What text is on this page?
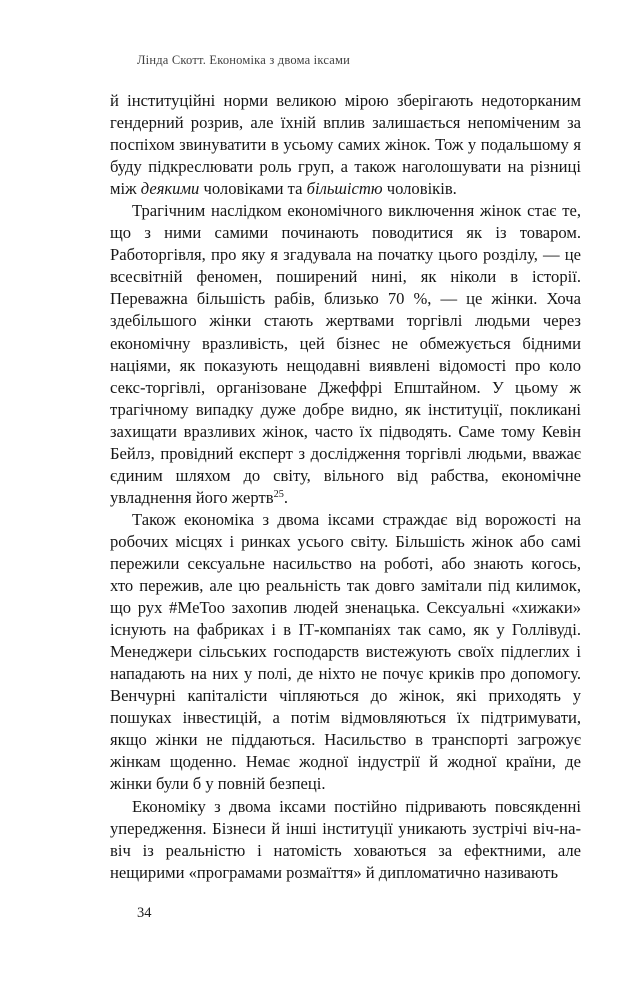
Лінда Скотт. Економіка з двома іксами

й інституційні норми великою мірою зберігають недоторканим гендерний розрив, але їхній вплив залишається непоміченим за поспіхом звинуватити в усьому самих жінок. Тож у подальшому я буду підкреслювати роль груп, а також наголошувати на різниці між деякими чоловіками та більшістю чоловіків.

Трагічним наслідком економічного виключення жінок стає те, що з ними самими починають поводитися як із товаром. Работоргівля, про яку я згадувала на початку цього розділу, — це всесвітній феномен, поширений нині, як ніколи в історії. Переважна більшість рабів, близько 70 %, — це жінки. Хоча здебільшого жінки стають жертвами торгівлі людьми через економічну вразливість, цей бізнес не обмежується бідними націями, як показують нещодавні виявлені відомості про коло секс-торгівлі, організоване Джеффрі Епштайном. У цьому ж трагічному випадку дуже добре видно, як інституції, покликані захищати вразливих жінок, часто їх підводять. Саме тому Кевін Бейлз, провідний експерт з дослідження торгівлі людьми, вважає єдиним шляхом до світу, вільного від рабства, економічне увладнення його жертв$^{25}$.

Також економіка з двома іксами страждає від ворожості на робочих місцях і ринках усього світу. Більшість жінок або самі пережили сексуальне насильство на роботі, або знають когось, хто пережив, але цю реальність так довго замітали під килимок, що рух #MeToo захопив людей зненацька. Сексуальні «хижаки» існують на фабриках і в ІТ-компаніях так само, як у Голлівуді. Менеджери сільських господарств вистежують своїх підлеглих і нападають на них у полі, де ніхто не почує криків про допомогу. Венчурні капіталісти чіпляються до жінок, які приходять у пошуках інвестицій, а потім відмовляються їх підтримувати, якщо жінки не піддаються. Насильство в транспорті загрожує жінкам щоденно. Немає жодної індустрії й жодної країни, де жінки були б у повній безпеці.

Економіку з двома іксами постійно підривають повсякденні упередження. Бізнеси й інші інституції уникають зустрічі віч-на-віч із реальністю і натомість ховаються за ефектними, але нещирими «програмами розмаїття» й дипломатично називають

34
